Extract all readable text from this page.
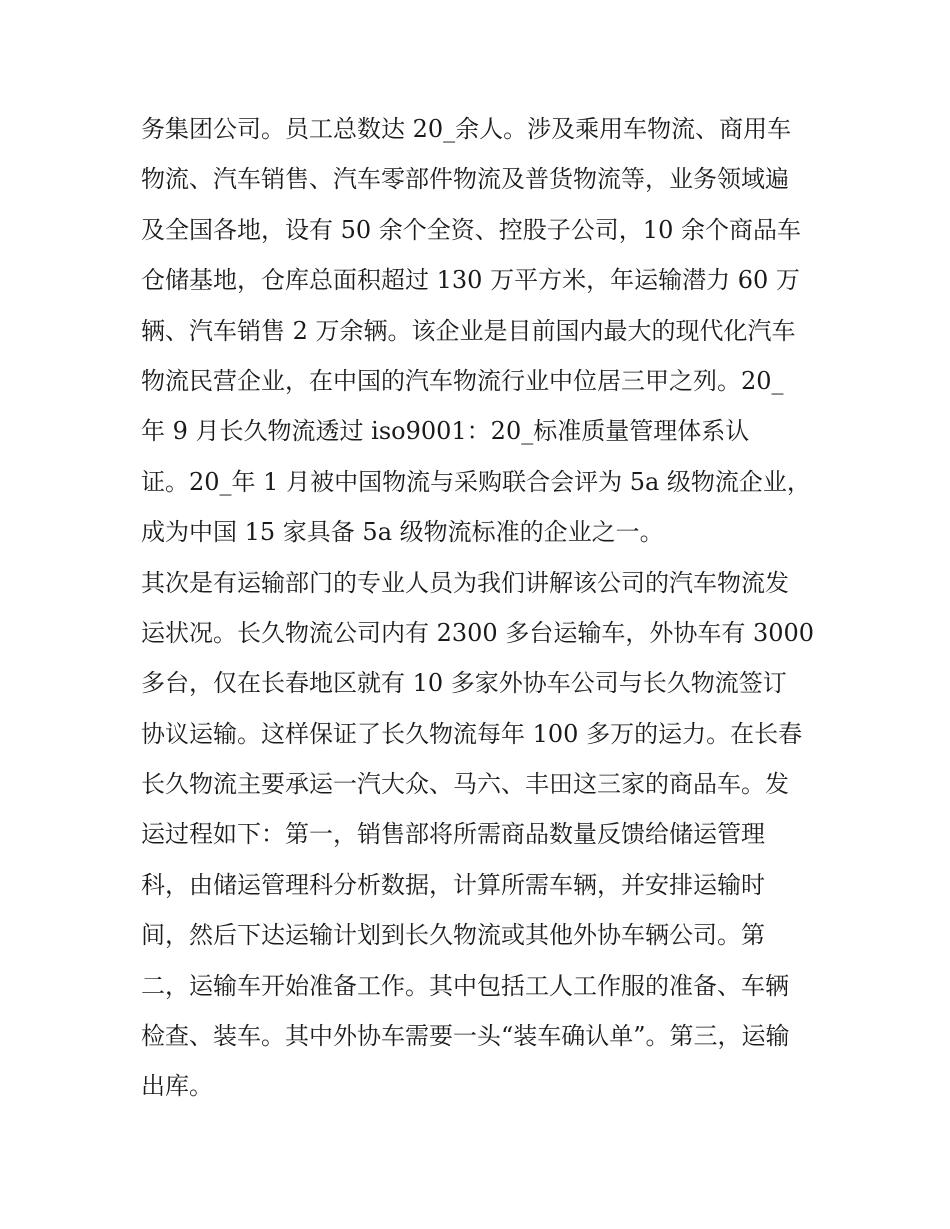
务集团公司。员工总数达 20_余人。涉及乘用车物流、商用车
物流、汽车销售、汽车零部件物流及普货物流等，业务领域遍
及全国各地，设有 50 余个全资、控股子公司，10 余个商品车
仓储基地，仓库总面积超过 130 万平方米，年运输潜力 60 万
辆、汽车销售 2 万余辆。该企业是目前国内最大的现代化汽车
物流民营企业，在中国的汽车物流行业中位居三甲之列。20_
年 9 月长久物流透过 iso9001：20_标准质量管理体系认
证。20_年 1 月被中国物流与采购联合会评为 5a 级物流企业，
成为中国 15 家具备 5a 级物流标准的企业之一。
其次是有运输部门的专业人员为我们讲解该公司的汽车物流发
运状况。长久物流公司内有 2300 多台运输车，外协车有 3000
多台，仅在长春地区就有 10 多家外协车公司与长久物流签订
协议运输。这样保证了长久物流每年 100 多万的运力。在长春
长久物流主要承运一汽大众、马六、丰田这三家的商品车。发
运过程如下：第一，销售部将所需商品数量反馈给储运管理
科，由储运管理科分析数据，计算所需车辆，并安排运输时
间，然后下达运输计划到长久物流或其他外协车辆公司。第
二，运输车开始准备工作。其中包括工人工作服的准备、车辆
检查、装车。其中外协车需要一头“装车确认单”。第三，运输
出库。
